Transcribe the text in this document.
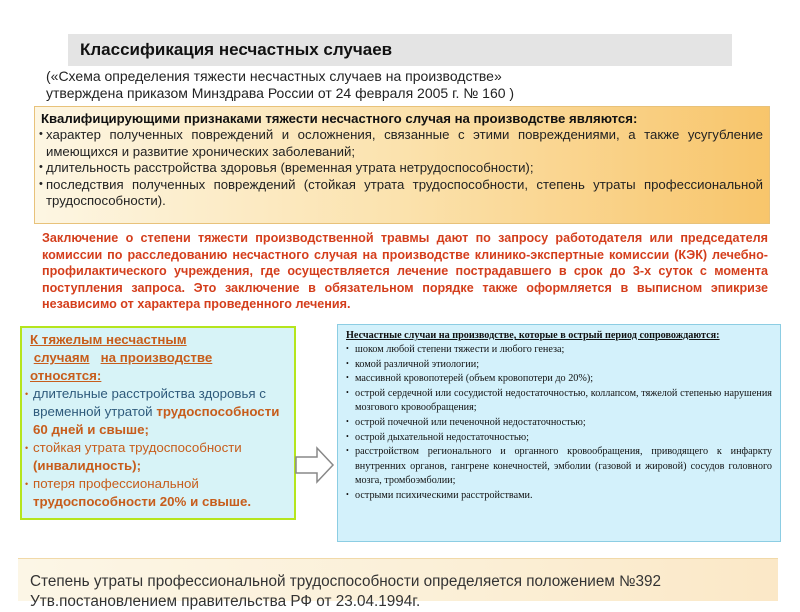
Классификация несчастных случаев
(«Схема определения тяжести несчастных случаев на производстве»
утверждена приказом Минздрава России от 24 февраля 2005 г. № 160 )
Квалифицирующими признаками тяжести несчастного случая на производстве являются:
• характер полученных повреждений и осложнения, связанные с этими повреждениями, а также усугубление имеющихся и развитие хронических заболеваний;
• длительность расстройства здоровья (временная утрата нетрудоспособности);
• последствия полученных повреждений (стойкая утрата трудоспособности, степень утраты профессиональной трудоспособности).
Заключение о степени тяжести производственной травмы дают по запросу работодателя или председателя комиссии по расследованию несчастного случая на производстве клинико-экспертные комиссии (КЭК) лечебно-профилактического учреждения, где осуществляется лечение пострадавшего в срок до 3-х суток с момента поступления запроса. Это заключение в обязательном порядке также оформляется в выписном эпикризе независимо от характера проведенного лечения.
К тяжелым несчастным
случаям на производстве
относятся:
• длительные расстройства здоровья с временной утратой трудоспособности 60 дней и свыше;
• стойкая утрата трудоспособности (инвалидность);
• потеря профессиональной трудоспособности 20% и свыше.
Несчастные случаи на производстве, которые в острый период сопровождаются:
• шоком любой степени тяжести и любого генеза;
• комой различной этиологии;
• массивной кровопотерей (объем кровопотери до 20%);
• острой сердечной или сосудистой недостаточностью, коллапсом, тяжелой степенью нарушения мозгового кровообращения;
• острой почечной или печеночной недостаточностью;
• острой дыхательной недостаточностью;
• расстройством регионального и органного кровообращения, приводящего к инфаркту внутренних органов, гангрене конечностей, эмболии (газовой и жировой) сосудов головного мозга, тромбоэмболии;
• острыми психическими расстройствами.
Степень утраты профессиональной трудоспособности определяется положением №392 Утв.постановлением правительства РФ от 23.04.1994г.
